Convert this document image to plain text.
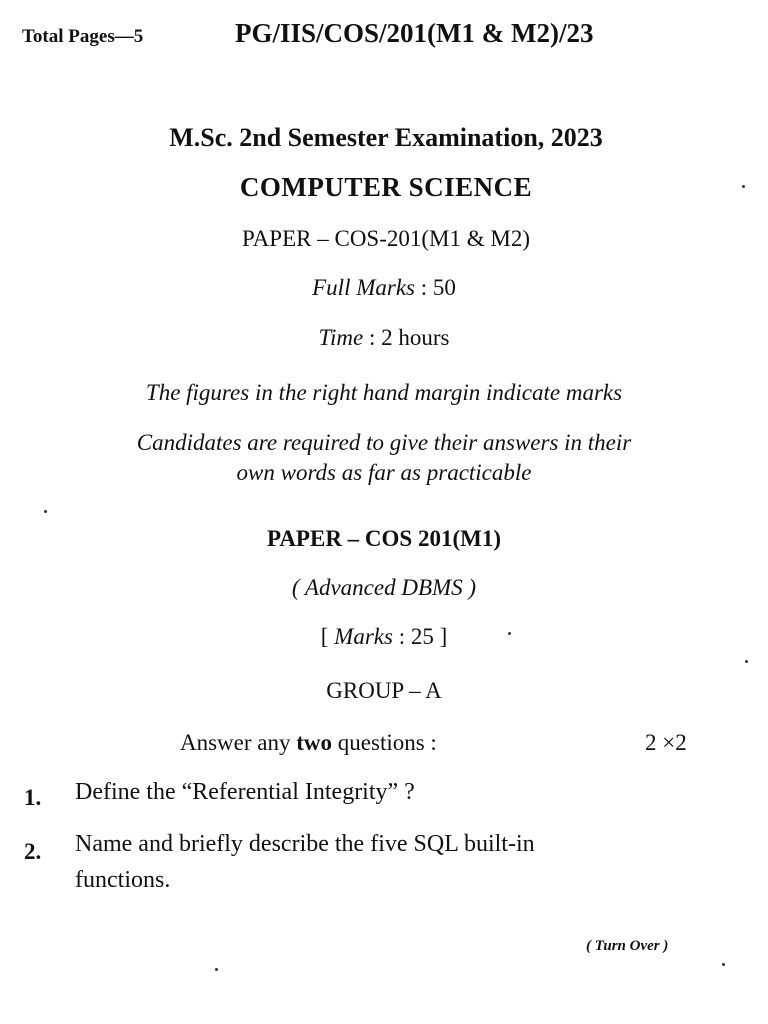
Total Pages—5	PG/IIS/COS/201(M1 & M2)/23
M.Sc. 2nd Semester Examination, 2023
COMPUTER SCIENCE
PAPER – COS-201(M1 & M2)
Full Marks : 50
Time : 2 hours
The figures in the right hand margin indicate marks
Candidates are required to give their answers in their
own words as far as practicable
PAPER – COS 201(M1)
( Advanced DBMS )
[ Marks : 25 ]
GROUP – A
Answer any two questions :	2 ×2
1. Define the “Referential Integrity” ?
2. Name and briefly describe the five SQL built-in
functions.
( Turn Over )
